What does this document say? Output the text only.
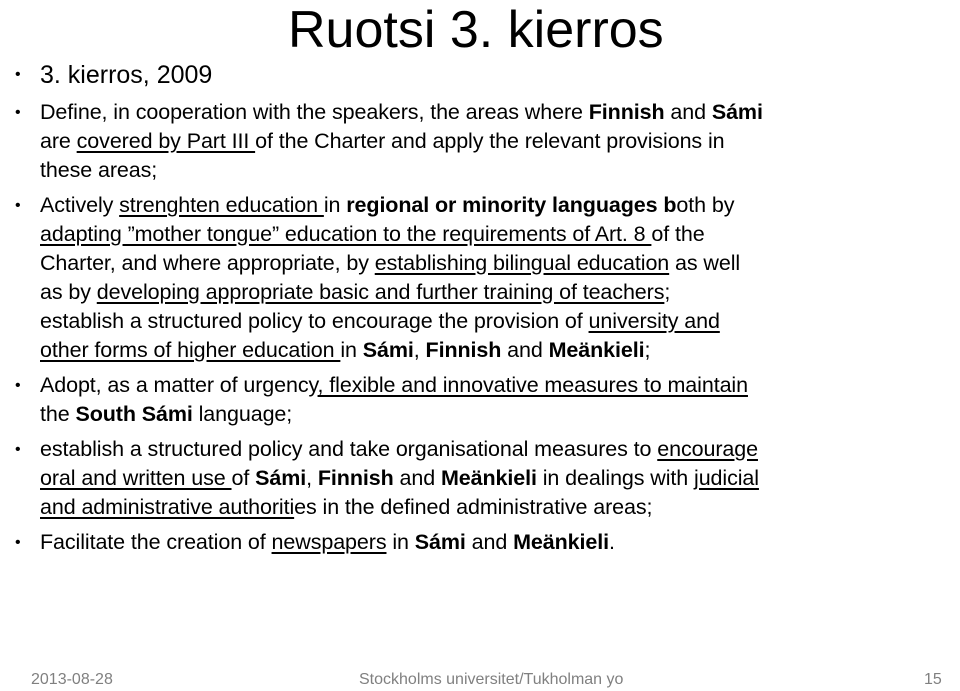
Ruotsi 3. kierros
• 3. kierros, 2009
• Define, in cooperation with the speakers, the areas where Finnish and Sámi
are covered by Part III of the Charter and apply the relevant provisions in
these areas;
• Actively strenghten education in regional or minority languages both by
adapting ”mother tongue” education to the requirements of Art. 8 of the
Charter, and where appropriate, by establishing bilingual education as well
as by developing appropriate basic and further training of teachers;
establish a structured policy to encourage the provision of university and
other forms of higher education in Sámi, Finnish and Meänkieli;
• Adopt, as a matter of urgency, flexible and innovative measures to maintain
the South Sámi language;
• establish a structured policy and take organisational measures to encourage
oral and written use of Sámi, Finnish and Meänkieli in dealings with judicial
and administrative authorities in the defined administrative areas;
• Facilitate the creation of newspapers in Sámi and Meänkieli.
2013-08-28	Stockholms universitet/Tukholman yo	15
